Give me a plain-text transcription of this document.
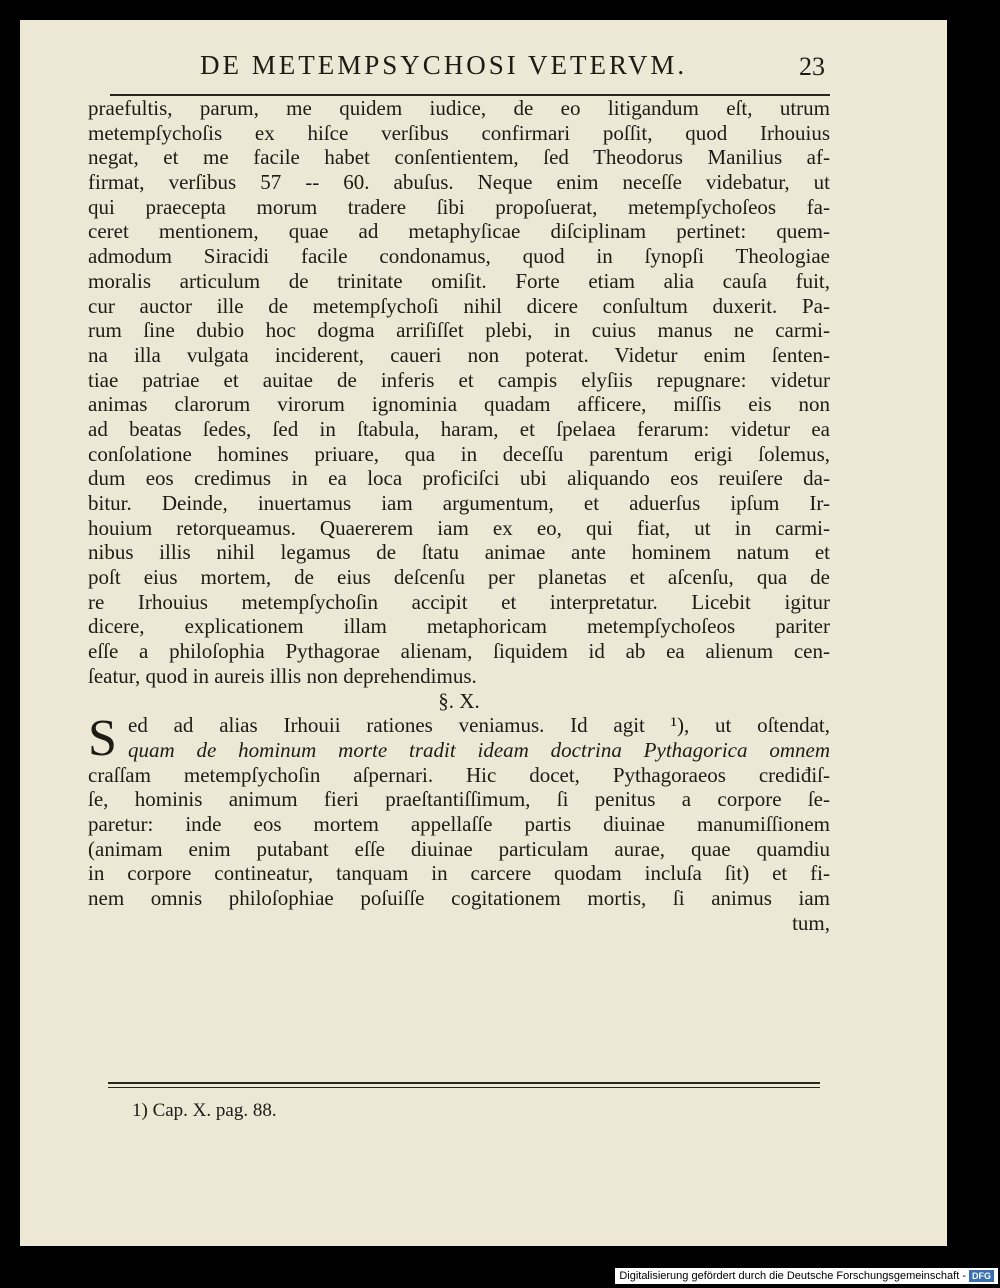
DE METEMPSYCHOSI VETERVM.	23
praefultis, parum, me quidem iudice, de eo litigandum eſt, utrum
metempſychoſis ex hiſce verſibus confirmari poſſit, quod Irhouius
negat, et me facile habet conſentientem, ſed Theodorus Manilius af-
firmat, verſibus 57 -- 60. abuſus. Neque enim neceſſe videbatur, ut
qui praecepta morum tradere ſibi propoſuerat, metempſychoſeos fa-
ceret mentionem, quae ad metaphyſicae diſciplinam pertinet: quem-
admodum Siracidi facile condonamus, quod in ſynopſi Theologiae
moralis articulum de trinitate omiſit. Forte etiam alia cauſa fuit,
cur auctor ille de metempſychoſi nihil dicere conſultum duxerit. Pa-
rum ſine dubio hoc dogma arriſiſſet plebi, in cuius manus ne carmi-
na illa vulgata inciderent, caueri non poterat. Videtur enim ſenten-
tiae patriae et auitae de inferis et campis elyſiis repugnare: videtur
animas clarorum virorum ignominia quadam afficere, miſſis eis non
ad beatas ſedes, ſed in ſtabula, haram, et ſpelaea ferarum: videtur ea
conſolatione homines priuare, qua in deceſſu parentum erigi ſolemus,
dum eos credimus in ea loca proficiſci ubi aliquando eos reuiſere da-
bitur. Deinde, inuertamus iam argumentum, et aduerſus ipſum Ir-
houium retorqueamus. Quaererem iam ex eo, qui fiat, ut in carmi-
nibus illis nihil legamus de ſtatu animae ante hominem natum et
poſt eius mortem, de eius deſcenſu per planetas et aſcenſu, qua de
re Irhouius metempſychoſin accipit et interpretatur. Licebit igitur
dicere, explicationem illam metaphoricam metempſychoſeos pariter
eſſe a philoſophia Pythagorae alienam, ſiquidem id ab ea alienum cen-
ſeatur, quod in aureis illis non deprehendimus.
§. X.
S ed ad alias Irhouii rationes veniamus. Id agit ¹), ut oſtendat,
quam de hominum morte tradit ideam doctrina Pythagorica omnem
craſſam metempſychoſin aſpernari. Hic docet, Pythagoraeos crediđiſ-
ſe, hominis animum fieri praeſtantiſſimum, ſi penitus a corpore ſe-
paretur: inde eos mortem appellaſſe partis diuinae manumiſſionem
(animam enim putabant eſſe diuinae particulam aurae, quae quamdiu
in corpore contineatur, tanquam in carcere quodam incluſa ſit) et fi-
nem omnis philoſophiae poſuiſſe cogitationem mortis, ſi animus iam
tum,
1) Cap. X. pag. 88.
Digitalisierung gefördert durch die Deutsche Forschungsgemeinschaft - DFG
